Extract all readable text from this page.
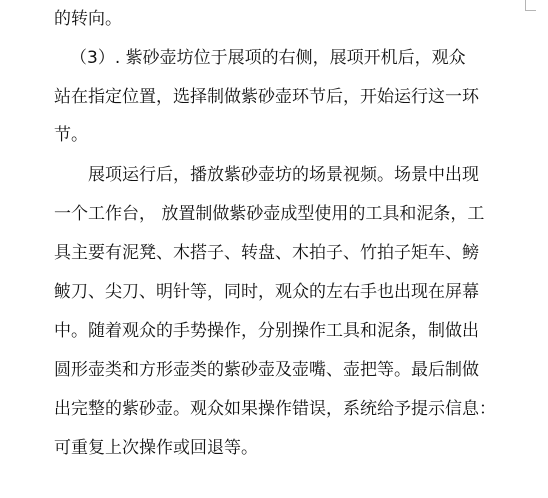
的转向。
（3）. 紫砂壶坊位于展项的右侧，展项开机后，观众
站在指定位置，选择制做紫砂壶环节后，开始运行这一环
节。
展项运行后，播放紫砂壶坊的场景视频。场景中出现
一个工作台， 放置制做紫砂壶成型使用的工具和泥条，工
具主要有泥凳、木搭子、转盘、木拍子、竹拍子矩车、鳑
鲏刀、尖刀、明针等，同时，观众的左右手也出现在屏幕
中。随着观众的手势操作，分别操作工具和泥条，制做出
圆形壶类和方形壶类的紫砂壶及壶嘴、壶把等。最后制做
出完整的紫砂壶。观众如果操作错误，系统给予提示信息：
可重复上次操作或回退等。
